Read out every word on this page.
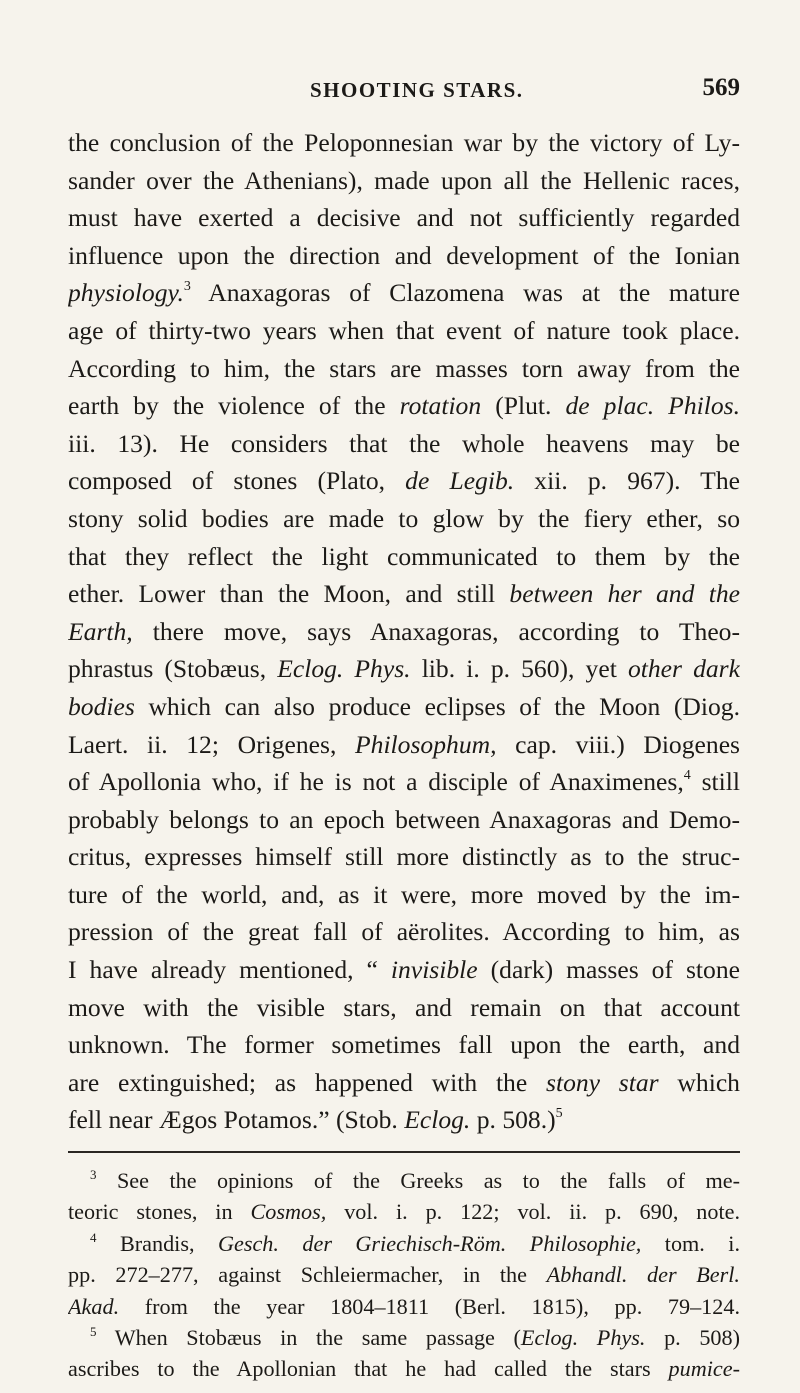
SHOOTING STARS.	569
the conclusion of the Peloponnesian war by the victory of Ly-
sander over the Athenians), made upon all the Hellenic races,
must have exerted a decisive and not sufficiently regarded
influence upon the direction and development of the Ionian
physiology.$^3$ Anaxagoras of Clazomena was at the mature
age of thirty-two years when that event of nature took place.
According to him, the stars are masses torn away from the
earth by the violence of the rotation (Plut. de plac. Philos.
iii. 13). He considers that the whole heavens may be
composed of stones (Plato, de Legib. xii. p. 967). The
stony solid bodies are made to glow by the fiery ether, so
that they reflect the light communicated to them by the
ether. Lower than the Moon, and still between her and the
Earth, there move, says Anaxagoras, according to Theo-
phrastus (Stobæus, Eclog. Phys. lib. i. p. 560), yet other dark
bodies which can also produce eclipses of the Moon (Diog.
Laert. ii. 12; Origenes, Philosophum, cap. viii.) Diogenes
of Apollonia who, if he is not a disciple of Anaximenes,$^4$ still
probably belongs to an epoch between Anaxagoras and Demo-
critus, expresses himself still more distinctly as to the struc-
ture of the world, and, as it were, more moved by the im-
pression of the great fall of aërolites. According to him, as
I have already mentioned, “ invisible (dark) masses of stone
move with the visible stars, and remain on that account
unknown. The former sometimes fall upon the earth, and
are extinguished; as happened with the stony star which
fell near Ægos Potamos.” (Stob. Eclog. p. 508.)$^5$
$^3$ See the opinions of the Greeks as to the falls of me-
teoric stones, in Cosmos, vol. i. p. 122; vol. ii. p. 690, note.
$^4$ Brandis, Gesch. der Griechisch-Röm. Philosophie, tom. i.
pp. 272–277, against Schleiermacher, in the Abhandl. der Berl.
Akad. from the year 1804–1811 (Berl. 1815), pp. 79–124.
$^5$ When Stobæus in the same passage (Eclog. Phys. p. 508)
ascribes to the Apollonian that he had called the stars pumice-
